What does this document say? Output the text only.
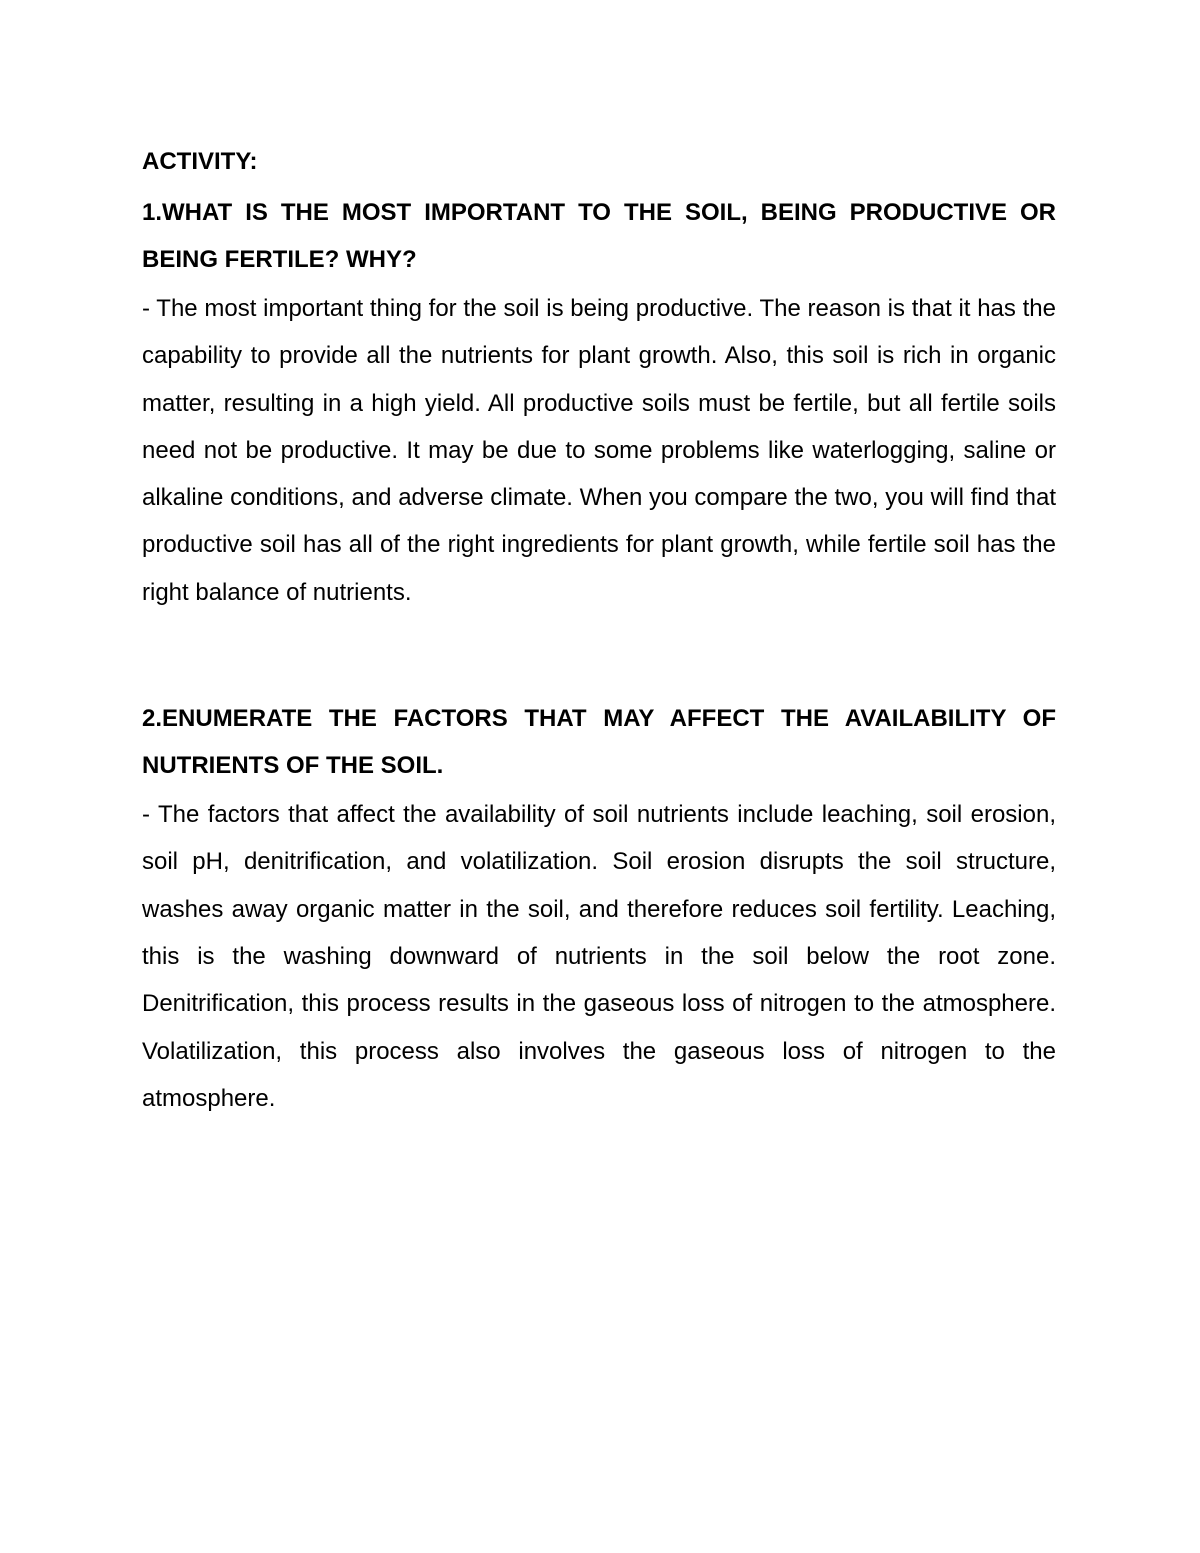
ACTIVITY:

1.WHAT IS THE MOST IMPORTANT TO THE SOIL, BEING PRODUCTIVE OR BEING FERTILE? WHY?

- The most important thing for the soil is being productive. The reason is that it has the capability to provide all the nutrients for plant growth. Also, this soil is rich in organic matter, resulting in a high yield. All productive soils must be fertile, but all fertile soils need not be productive. It may be due to some problems like waterlogging, saline or alkaline conditions, and adverse climate. When you compare the two, you will find that productive soil has all of the right ingredients for plant growth, while fertile soil has the right balance of nutrients.

2.ENUMERATE THE FACTORS THAT MAY AFFECT THE AVAILABILITY OF NUTRIENTS OF THE SOIL.

- The factors that affect the availability of soil nutrients include leaching, soil erosion, soil pH, denitrification, and volatilization. Soil erosion disrupts the soil structure, washes away organic matter in the soil, and therefore reduces soil fertility. Leaching, this is the washing downward of nutrients in the soil below the root zone. Denitrification, this process results in the gaseous loss of nitrogen to the atmosphere. Volatilization, this process also involves the gaseous loss of nitrogen to the atmosphere.
